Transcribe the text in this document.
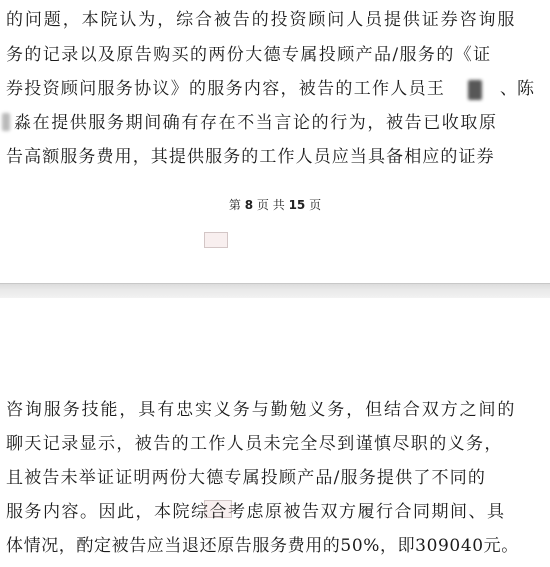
的问题，本院认为，综合被告的投资顾问人员提供证券咨询服
务的记录以及原告购买的两份大德专属投顾产品/服务的《证
券投资顾问服务协议》的服务内容，被告的工作人员王	、陈
淼在提供服务期间确有存在不当言论的行为，被告已收取原
告高额服务费用，其提供服务的工作人员应当具备相应的证券
第 8 页 共 15 页
咨询服务技能，具有忠实义务与勤勉义务，但结合双方之间的
聊天记录显示，被告的工作人员未完全尽到谨慎尽职的义务，
且被告未举证证明两份大德专属投顾产品/服务提供了不同的
服务内容。因此，本院综合考虑原被告双方履行合同期间、具
体情况，酌定被告应当退还原告服务费用的50%，即309040元。
